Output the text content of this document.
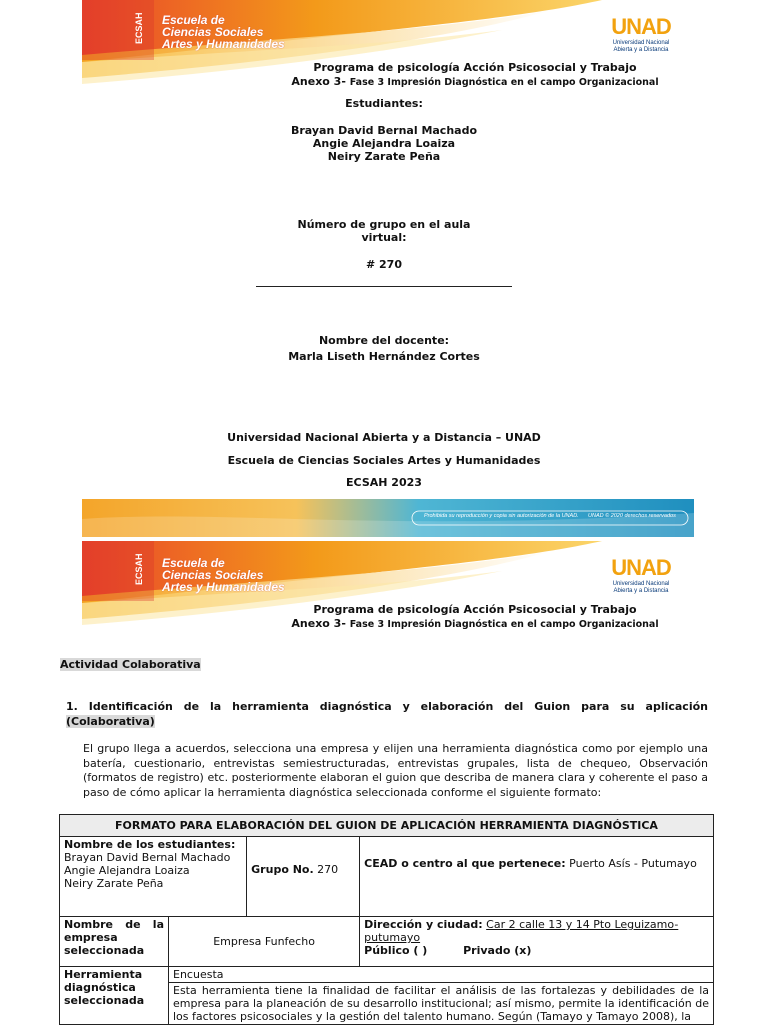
ECSAH Escuela de
Ciencias Sociales
Artes y Humanidades
UNAD
Universidad Nacional
Abierta y a Distancia
Programa de psicología Acción Psicosocial y Trabajo
Anexo 3- Fase 3 Impresión Diagnóstica en el campo Organizacional
Estudiantes:
Brayan David Bernal Machado
Angie Alejandra Loaiza
Neiry Zarate Peña
Número de grupo en el aula
virtual:
# 270
Nombre del docente:
Marla Liseth Hernández Cortes
Universidad Nacional Abierta y a Distancia – UNAD
Escuela de Ciencias Sociales Artes y Humanidades
ECSAH 2023
Prohibida su reproducción y copia sin autorización de la UNAD. UNAD © 2020 derechos reservados
ECSAH Escuela de
Ciencias Sociales
Artes y Humanidades
UNAD
Universidad Nacional
Abierta y a Distancia
Programa de psicología Acción Psicosocial y Trabajo
Anexo 3- Fase 3 Impresión Diagnóstica en el campo Organizacional
Actividad Colaborativa
1. Identificación de la herramienta diagnóstica y elaboración del Guion para su aplicación (Colaborativa)
El grupo llega a acuerdos, selecciona una empresa y elijen una herramienta diagnóstica como por ejemplo una batería, cuestionario, entrevistas semiestructuradas, entrevistas grupales, lista de chequeo, Observación (formatos de registro) etc. posteriormente elaboran el guion que describa de manera clara y coherente el paso a paso de cómo aplicar la herramienta diagnóstica seleccionada conforme el siguiente formato:
FORMATO PARA ELABORACIÓN DEL GUION DE APLICACIÓN HERRAMIENTA DIAGNÓSTICA			

Nombre de los estudiantes:
Brayan David Bernal Machado
Angie Alejandra Loaiza
Neiry Zarate Peña		Grupo No. 270	CEAD o centro al que pertenece: Puerto Asís - Putumayo
Nombre de la empresa seleccionada	Empresa Funfecho		Dirección y ciudad: Car 2 calle 13 y 14 Pto Leguizamo- putumayo
Público ( ) Privado (x)

Herramienta diagnóstica seleccionada	Encuesta
Esta herramienta tiene la finalidad de facilitar el análisis de las fortalezas y debilidades de la empresa para la planeación de su desarrollo institucional; así mismo, permite la identificación de los factores psicosociales y la gestión del talento humano. Según (Tamayo y Tamayo 2008), la		
